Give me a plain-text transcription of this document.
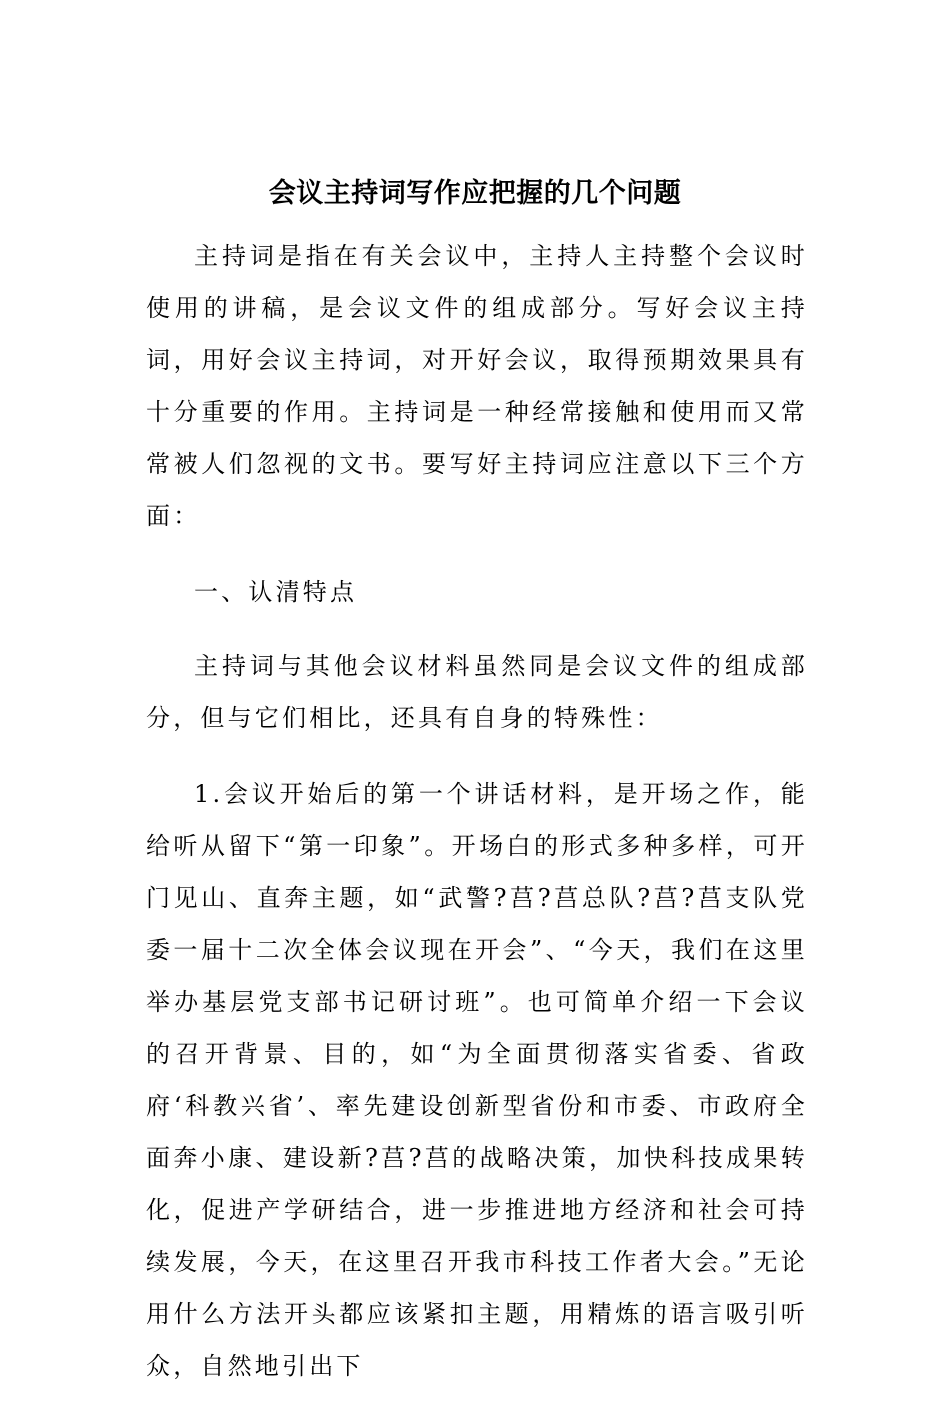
会议主持词写作应把握的几个问题

主持词是指在有关会议中，主持人主持整个会议时使用的讲稿，是会议文件的组成部分。写好会议主持词，用好会议主持词，对开好会议，取得预期效果具有十分重要的作用。主持词是一种经常接触和使用而又常常被人们忽视的文书。要写好主持词应注意以下三个方面：

一、认清特点

主持词与其他会议材料虽然同是会议文件的组成部分，但与它们相比，还具有自身的特殊性：

1.会议开始后的第一个讲话材料，是开场之作，能给听从留下“第一印象”。开场白的形式多种多样，可开门见山、直奔主题，如“武警?莒?莒总队?莒?莒支队党委一届十二次全体会议现在开会”、“今天，我们在这里举办基层党支部书记研讨班”。也可简单介绍一下会议的召开背景、目的，如“为全面贯彻落实省委、省政府‘科教兴省’、率先建设创新型省份和市委、市政府全面奔小康、建设新?莒?莒的战略决策，加快科技成果转化，促进产学研结合，进一步推进地方经济和社会可持续发展，今天，在这里召开我市科技工作者大会。”无论用什么方法开头都应该紧扣主题，用精炼的语言吸引听众，自然地引出下
